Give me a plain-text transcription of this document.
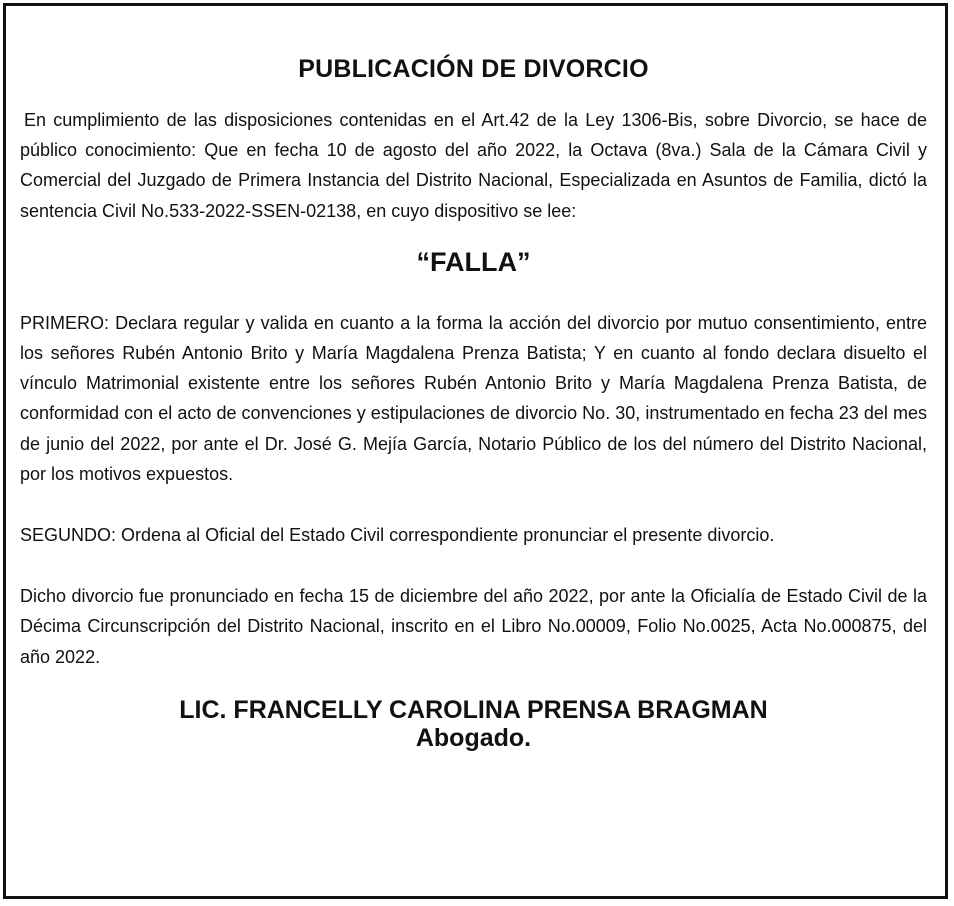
PUBLICACIÓN DE DIVORCIO

En cumplimiento de las disposiciones contenidas en el Art.42 de la Ley 1306-Bis, sobre Divorcio, se hace de público conocimiento: Que en fecha 10 de agosto del año 2022, la Octava (8va.) Sala de la Cámara Civil y Comercial del Juzgado de Primera Instancia del Distrito Nacional, Especializada en Asuntos de Familia, dictó la sentencia Civil No.533-2022-SSEN-02138, en cuyo dispositivo se lee:

“FALLA”

PRIMERO: Declara regular y valida en cuanto a la forma la acción del divorcio por mutuo consentimiento, entre los señores Rubén Antonio Brito y María Magdalena Prenza Batista; Y en cuanto al fondo declara disuelto el vínculo Matrimonial existente entre los señores Rubén Antonio Brito y María Magdalena Prenza Batista, de conformidad con el acto de convenciones y estipulaciones de divorcio No. 30, instrumentado en fecha 23 del mes de junio del 2022, por ante el Dr. José G. Mejía García, Notario Público de los del número del Distrito Nacional, por los motivos expuestos.

SEGUNDO: Ordena al Oficial del Estado Civil correspondiente pronunciar el presente divorcio.

Dicho divorcio fue pronunciado en fecha 15 de diciembre del año 2022, por ante la Oficialía de Estado Civil de la Décima Circunscripción del Distrito Nacional, inscrito en el Libro No.00009, Folio No.0025, Acta No.000875, del año 2022.

LIC. FRANCELLY CAROLINA PRENSA BRAGMAN
Abogado.
